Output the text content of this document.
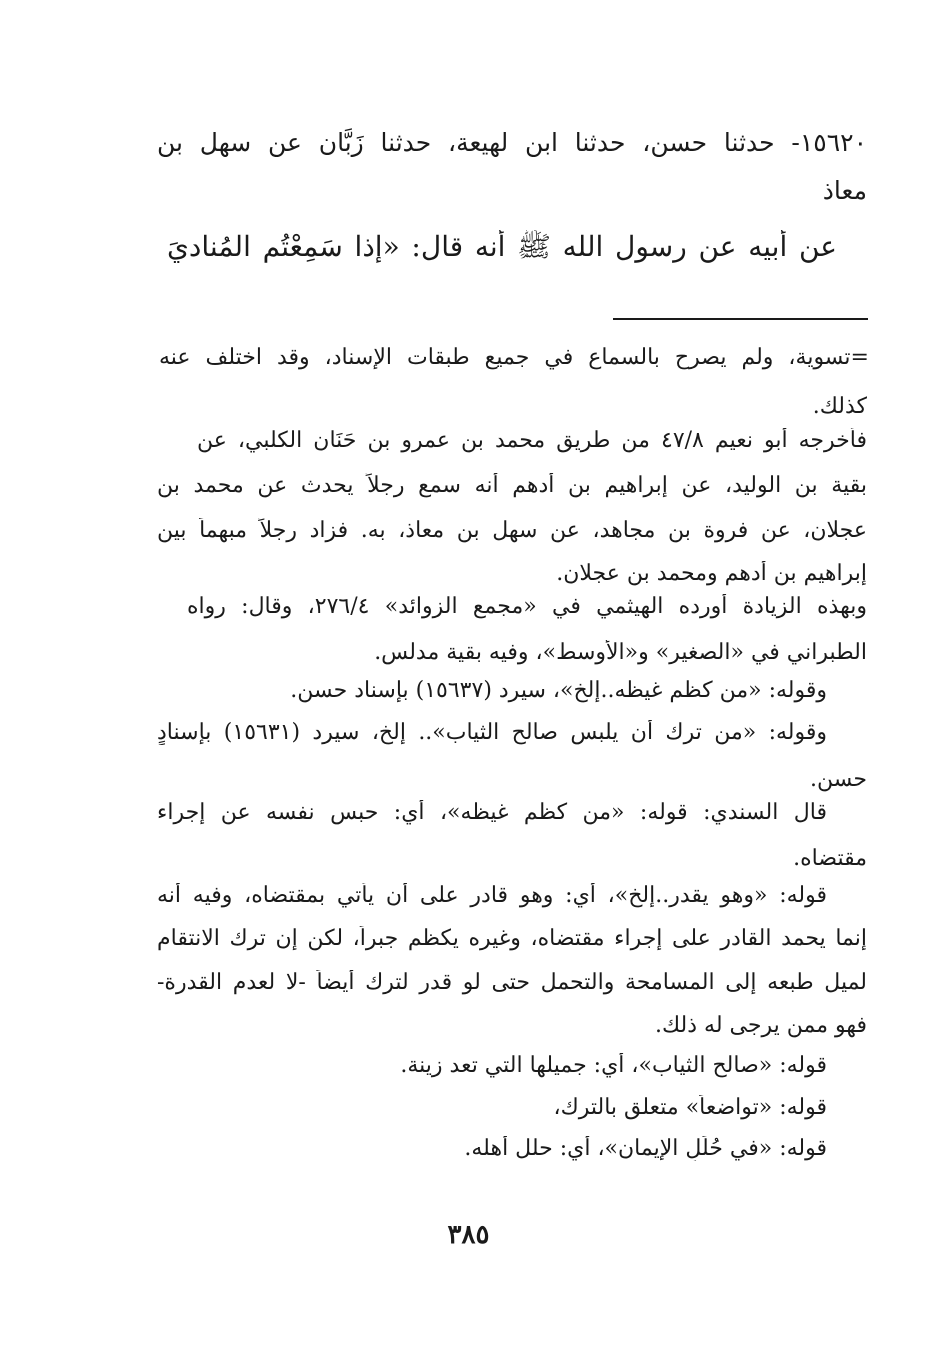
١٥٦٢٠- حدثنا حسن، حدثنا ابن لهيعة، حدثنا زَبَّان عن سهل بن
معاذ
عن أبيه عن رسول الله ﷺ أنه قال: «إذا سَمِعْتُم المُناديَ
=تسوية، ولم يصرح بالسماع في جميع طبقات الإسناد، وقد اختلف عنه
كذلك.
فأخرجه أبو نعيم ٤٧/٨ من طريق محمد بن عمرو بن حَنَان الكلبي، عن
بقية بن الوليد، عن إبراهيم بن أدهم أنه سمع رجلاً يحدث عن محمد بن
عجلان، عن فروة بن مجاهد، عن سهل بن معاذ، به. فزاد رجلاً مبهماً بين
إبراهيم بن أدهم ومحمد بن عجلان.
وبهذه الزيادة أورده الهيثمي في «مجمع الزوائد» ٢٧٦/٤، وقال: رواه
الطبراني في «الصغير» و«الأوسط»، وفيه بقية مدلس.
وقوله: «من كظم غيظه..إلخ»، سيرد (١٥٦٣٧) بإسناد حسن.
وقوله: «من ترك أن يلبس صالح الثياب».. إلخ، سيرد (١٥٦٣١) بإسنادٍ
حسن.
قال السندي: قوله: «من كظم غيظه»، أي: حبس نفسه عن إجراء
مقتضاه.
قوله: «وهو يقدر..إلخ»، أي: وهو قادر على أن يأتي بمقتضاه، وفيه أنه
إنما يحمد القادر على إجراء مقتضاه، وغيره يكظم جبراً، لكن إن ترك الانتقام
لميل طبعه إلى المسامحة والتحمل حتى لو قدر لترك أيضاً -لا لعدم القدرة-
فهو ممن يرجى له ذلك.
قوله: «صالح الثياب»، أي: جميلها التي تعد زينة.
قوله: «تواضعاً» متعلق بالترك،
قوله: «في حُلَلِ الإيمان»، أي: حلل أهله.
٣٨٥
